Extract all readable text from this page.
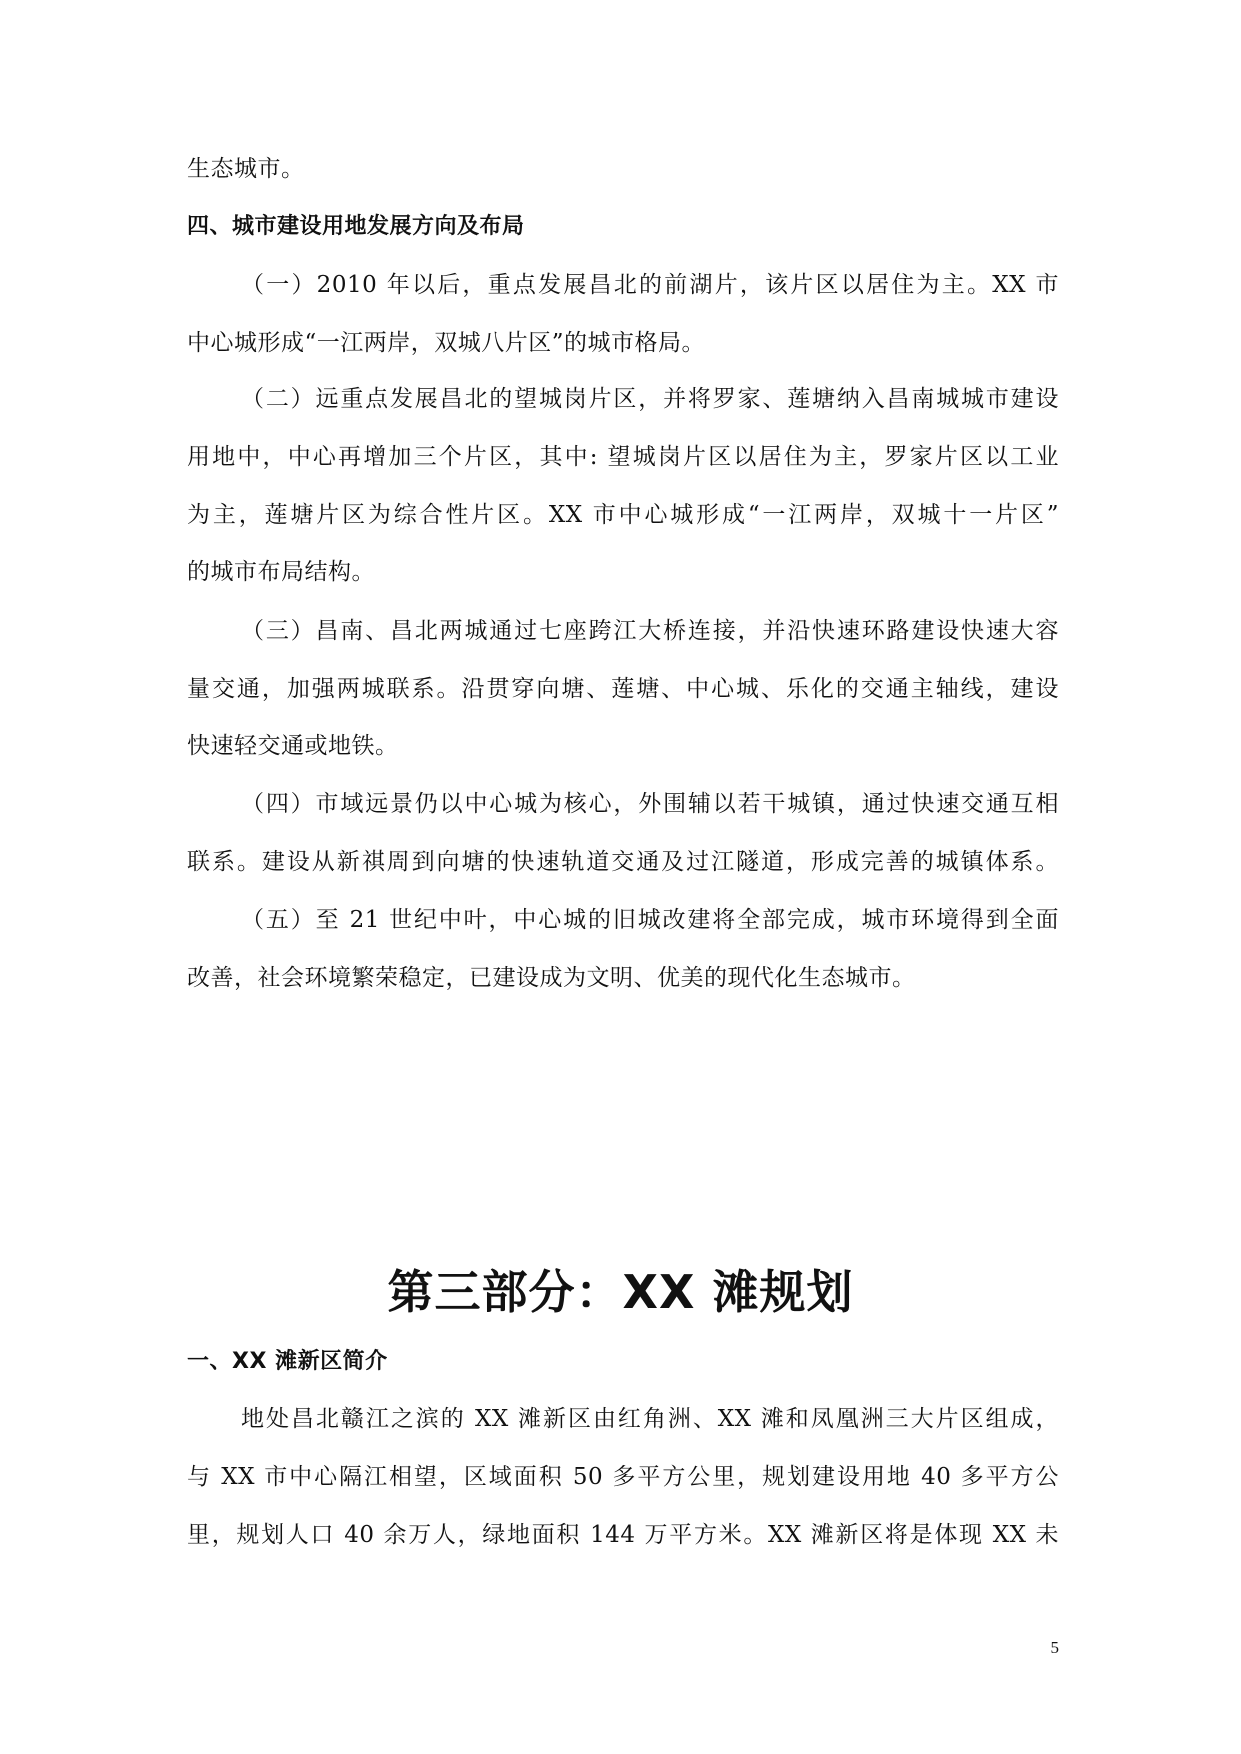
生态城市。
四、城市建设用地发展方向及布局
（一）2010 年以后，重点发展昌北的前湖片，该片区以居住为主。XX 市
中心城形成“一江两岸，双城八片区”的城市格局。
（二）远重点发展昌北的望城岗片区，并将罗家、莲塘纳入昌南城城市建设
用地中，中心再增加三个片区，其中: 望城岗片区以居住为主，罗家片区以工业
为主，莲塘片区为综合性片区。XX 市中心城形成“一江两岸，双城十一片区”
的城市布局结构。
（三）昌南、昌北两城通过七座跨江大桥连接，并沿快速环路建设快速大容
量交通，加强两城联系。沿贯穿向塘、莲塘、中心城、乐化的交通主轴线，建设
快速轻交通或地铁。
（四）市域远景仍以中心城为核心，外围辅以若干城镇，通过快速交通互相
联系。建设从新祺周到向塘的快速轨道交通及过江隧道，形成完善的城镇体系。
（五）至 21 世纪中叶，中心城的旧城改建将全部完成，城市环境得到全面
改善，社会环境繁荣稳定，已建设成为文明、优美的现代化生态城市。
第三部分：XX 滩规划
一、XX 滩新区简介
地处昌北赣江之滨的 XX 滩新区由红角洲、XX 滩和凤凰洲三大片区组成，
与 XX 市中心隔江相望，区域面积 50 多平方公里，规划建设用地 40 多平方公
里，规划人口 40 余万人，绿地面积 144 万平方米。XX 滩新区将是体现 XX 未
5
